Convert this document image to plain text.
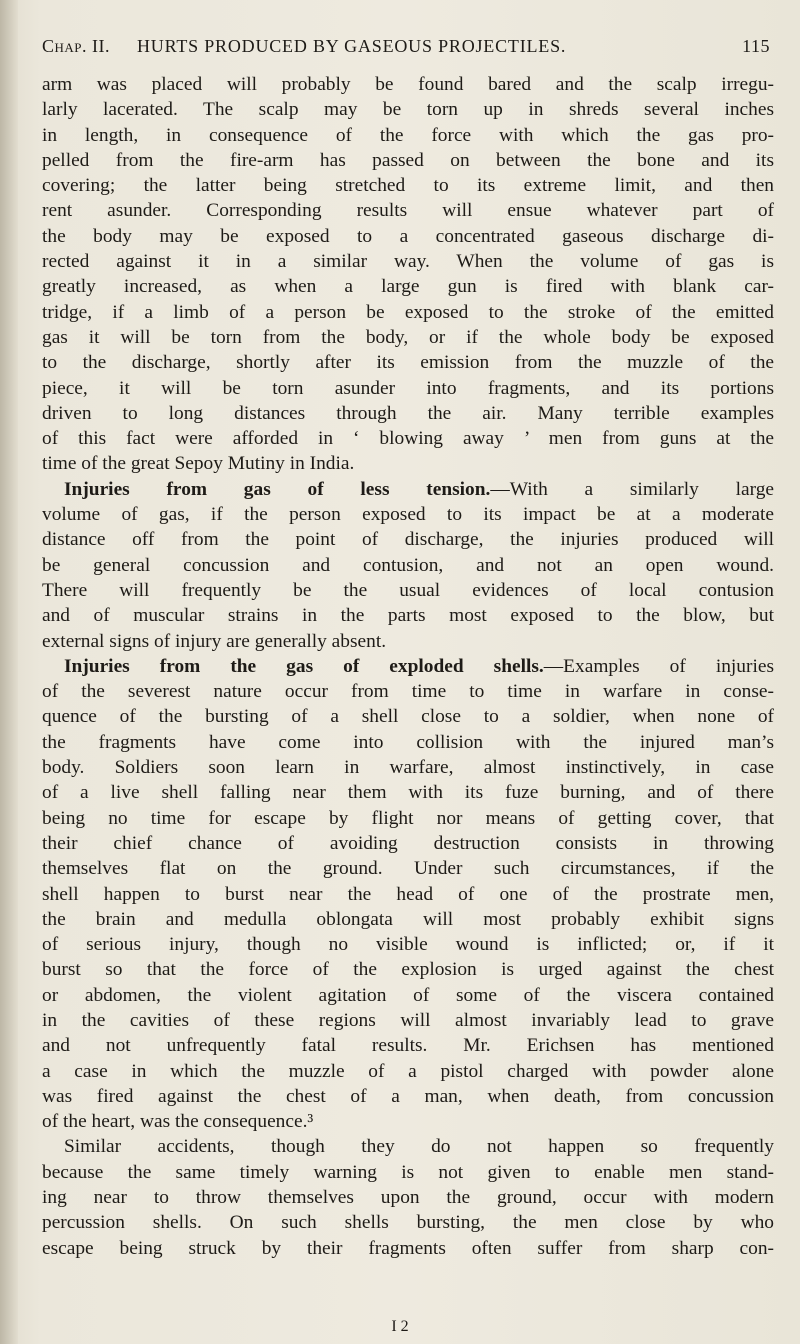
Chap. II. HURTS PRODUCED BY GASEOUS PROJECTILES.	115
arm was placed will probably be found bared and the scalp irregu-
larly lacerated. The scalp may be torn up in shreds several inches
in length, in consequence of the force with which the gas pro-
pelled from the fire-arm has passed on between the bone and its
covering; the latter being stretched to its extreme limit, and then
rent asunder. Corresponding results will ensue whatever part of
the body may be exposed to a concentrated gaseous discharge di-
rected against it in a similar way. When the volume of gas is
greatly increased, as when a large gun is fired with blank car-
tridge, if a limb of a person be exposed to the stroke of the emitted
gas it will be torn from the body, or if the whole body be exposed
to the discharge, shortly after its emission from the muzzle of the
piece, it will be torn asunder into fragments, and its portions
driven to long distances through the air. Many terrible examples
of this fact were afforded in ‘ blowing away ’ men from guns at the
time of the great Sepoy Mutiny in India.
Injuries from gas of less tension.—With a similarly large
volume of gas, if the person exposed to its impact be at a moderate
distance off from the point of discharge, the injuries produced will
be general concussion and contusion, and not an open wound.
There will frequently be the usual evidences of local contusion
and of muscular strains in the parts most exposed to the blow, but
external signs of injury are generally absent.
Injuries from the gas of exploded shells.—Examples of injuries
of the severest nature occur from time to time in warfare in conse-
quence of the bursting of a shell close to a soldier, when none of
the fragments have come into collision with the injured man’s
body. Soldiers soon learn in warfare, almost instinctively, in case
of a live shell falling near them with its fuze burning, and of there
being no time for escape by flight nor means of getting cover, that
their chief chance of avoiding destruction consists in throwing
themselves flat on the ground. Under such circumstances, if the
shell happen to burst near the head of one of the prostrate men,
the brain and medulla oblongata will most probably exhibit signs
of serious injury, though no visible wound is inflicted; or, if it
burst so that the force of the explosion is urged against the chest
or abdomen, the violent agitation of some of the viscera contained
in the cavities of these regions will almost invariably lead to grave
and not unfrequently fatal results. Mr. Erichsen has mentioned
a case in which the muzzle of a pistol charged with powder alone
was fired against the chest of a man, when death, from concussion
of the heart, was the consequence.³
Similar accidents, though they do not happen so frequently
because the same timely warning is not given to enable men stand-
ing near to throw themselves upon the ground, occur with modern
percussion shells. On such shells bursting, the men close by who
escape being struck by their fragments often suffer from sharp con-
I 2
